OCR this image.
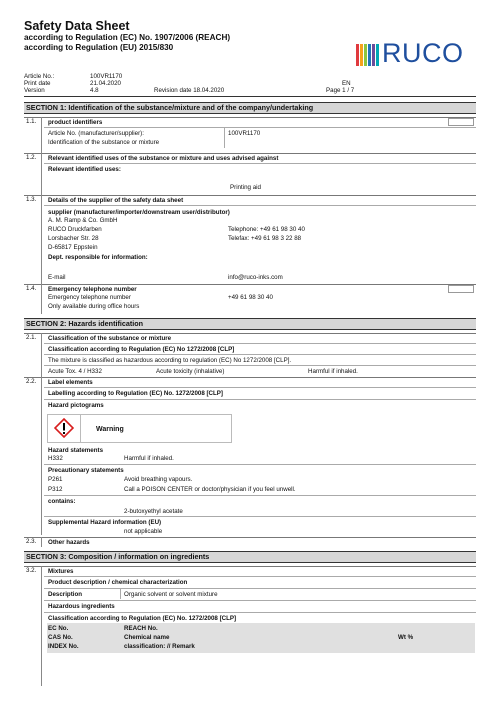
Safety Data Sheet
according to Regulation (EC) No. 1907/2006 (REACH)
according to Regulation (EU) 2015/830	RUCO
Article No.:	100VR1170
Print date	21.04.2020	EN
Version	4.8	Revision date 18.04.2020	Page 1 / 7
SECTION 1: Identification of the substance/mixture and of the company/undertaking
1.1.	product identifiers
Article No. (manufacturer/supplier):	100VR1170
Identification of the substance or mixture
1.2.	Relevant identified uses of the substance or mixture and uses advised against
Relevant identified uses:
Printing aid
1.3.	Details of the supplier of the safety data sheet
supplier (manufacturer/importer/downstream user/distributor)
A. M. Ramp & Co. GmbH
RUCO Druckfarben	Telephone: +49 61 98 30 40
Lorsbacher Str. 28	Telefax: +49 61 98 3 22 88
D-65817 Eppstein
Dept. responsible for information:
E-mail	info@ruco-inks.com
1.4.	Emergency telephone number
Emergency telephone number	+49 61 98 30 40
Only available during office hours
SECTION 2: Hazards identification
2.1.	Classification of the substance or mixture
Classification according to Regulation (EC) No 1272/2008 [CLP]
The mixture is classified as hazardous according to regulation (EC) No 1272/2008 [CLP].
Acute Tox. 4 / H332	Acute toxicity (inhalative)	Harmful if inhaled.
2.2.	Label elements
Labelling according to Regulation (EC) No. 1272/2008 [CLP]
Hazard pictograms
Warning
Hazard statements
H332	Harmful if inhaled.
Precautionary statements
P261	Avoid breathing vapours.
P312	Call a POISON CENTER or doctor/physician if you feel unwell.
contains:
2-butoxyethyl acetate
Supplemental Hazard information (EU)
not applicable
2.3.	Other hazards
SECTION 3: Composition / information on ingredients
3.2.	Mixtures
Product description / chemical characterization
Description	Organic solvent or solvent mixture
Hazardous ingredients
Classification according to Regulation (EC) No. 1272/2008 [CLP]
EC No.	REACH No.
CAS No.	Chemical name	Wt %
INDEX No.	classification: // Remark
